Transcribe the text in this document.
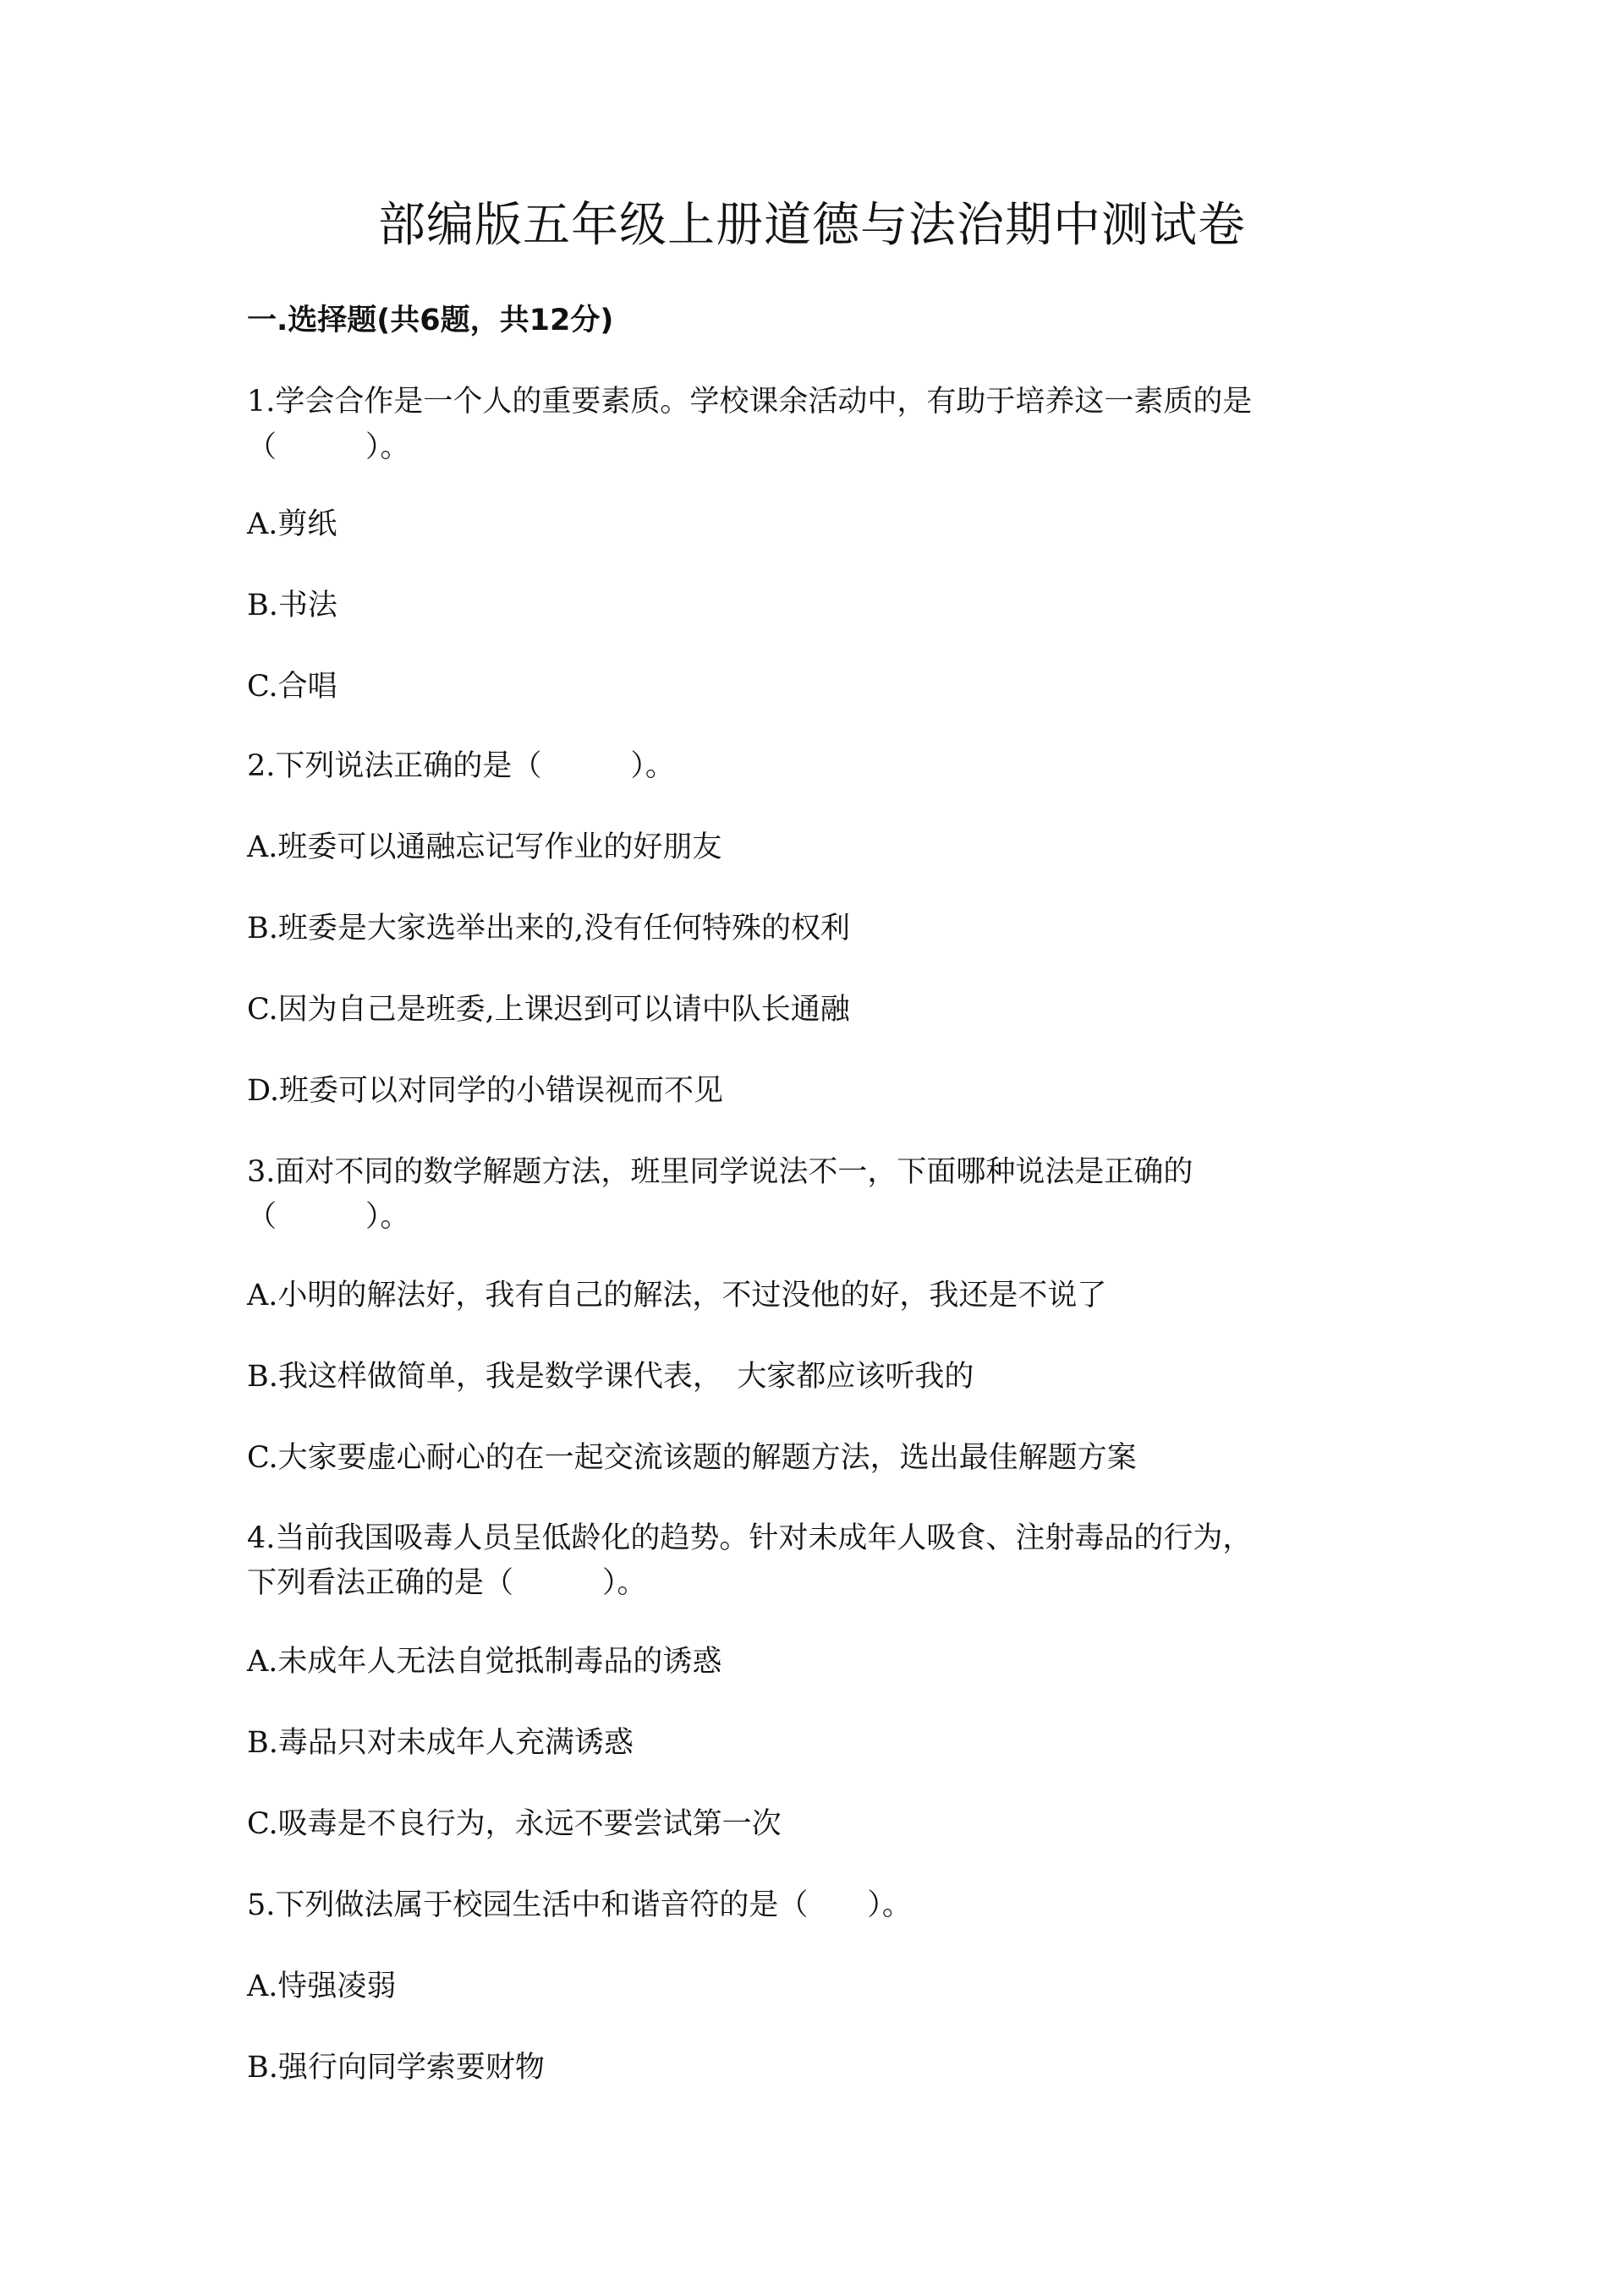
部编版五年级上册道德与法治期中测试卷
一.选择题(共6题，共12分)
1.学会合作是一个人的重要素质。学校课余活动中，有助于培养这一素质的是
（　　　）。
A.剪纸
B.书法
C.合唱
2.下列说法正确的是（　　　）。
A.班委可以通融忘记写作业的好朋友
B.班委是大家选举出来的,没有任何特殊的权利
C.因为自己是班委,上课迟到可以请中队长通融
D.班委可以对同学的小错误视而不见
3.面对不同的数学解题方法，班里同学说法不一，下面哪种说法是正确的
（　　　）。
A.小明的解法好，我有自己的解法，不过没他的好，我还是不说了
B.我这样做简单，我是数学课代表，　大家都应该听我的
C.大家要虚心耐心的在一起交流该题的解题方法，选出最佳解题方案
4.当前我国吸毒人员呈低龄化的趋势。针对未成年人吸食、注射毒品的行为，
下列看法正确的是（　　　）。
A.未成年人无法自觉抵制毒品的诱惑
B.毒品只对未成年人充满诱惑
C.吸毒是不良行为，永远不要尝试第一次
5.下列做法属于校园生活中和谐音符的是（　　）。
A.恃强凌弱
B.强行向同学索要财物
